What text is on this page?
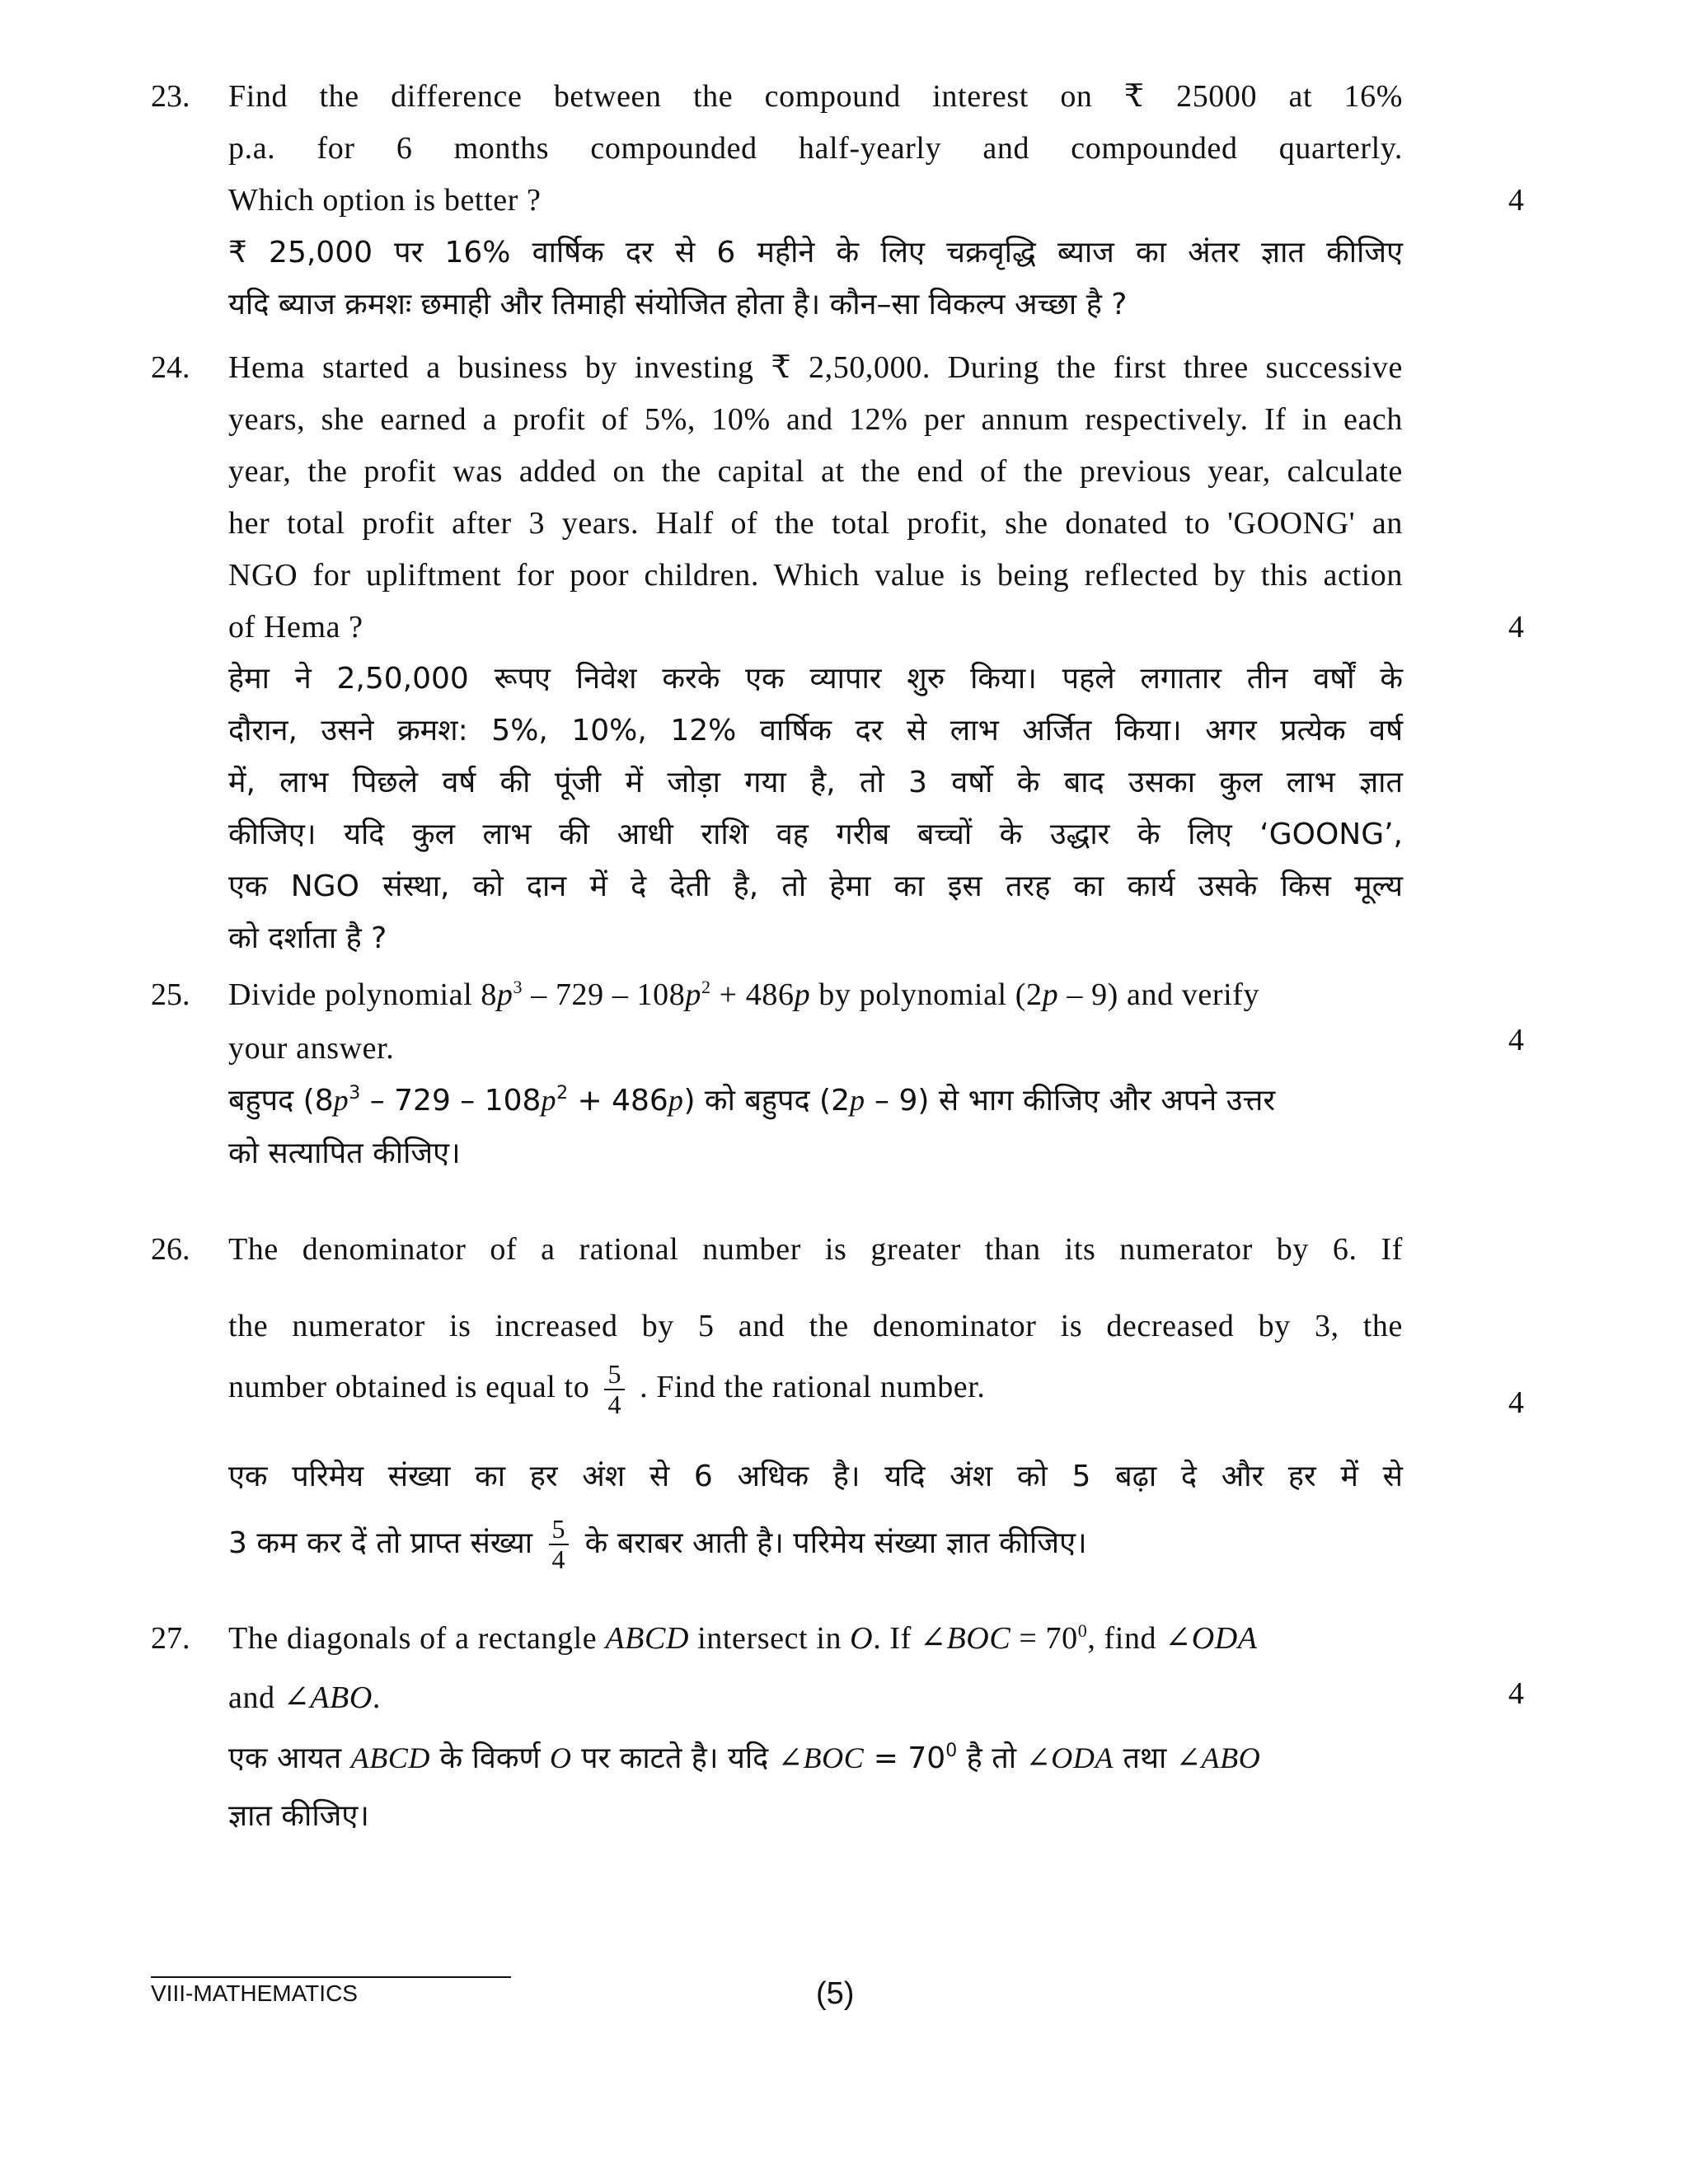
23. Find the difference between the compound interest on ₹ 25000 at 16%
p.a. for 6 months compounded half-yearly and compounded quarterly.
Which option is better ?	4
₹ 25,000 पर 16% वार्षिक दर से 6 महीने के लिए चक्रवृद्धि ब्याज का अंतर ज्ञात कीजिए
यदि ब्याज क्रमशः छमाही और तिमाही संयोजित होता है। कौन–सा विकल्प अच्छा है ?
24. Hema started a business by investing ₹ 2,50,000. During the first three successive
years, she earned a profit of 5%, 10% and 12% per annum respectively. If in each
year, the profit was added on the capital at the end of the previous year, calculate
her total profit after 3 years. Half of the total profit, she donated to 'GOONG' an
NGO for upliftment for poor children. Which value is being reflected by this action
of Hema ?	4
हेमा ने 2,50,000 रूपए निवेश करके एक व्यापार शुरु किया। पहले लगातार तीन वर्षों के
दौरान, उसने क्रमश: 5%, 10%, 12% वार्षिक दर से लाभ अर्जित किया। अगर प्रत्येक वर्ष
में, लाभ पिछले वर्ष की पूंजी में जोड़ा गया है, तो 3 वर्षो के बाद उसका कुल लाभ ज्ञात
कीजिए। यदि कुल लाभ की आधी राशि वह गरीब बच्चों के उद्धार के लिए ‘GOONG’,
एक NGO संस्था, को दान में दे देती है, तो हेमा का इस तरह का कार्य उसके किस मूल्य
को दर्शाता है ?
25. Divide polynomial $8p^3 - 729 - 108p^2 + 486p$ by polynomial (2p – 9) and verify
your answer.	4
बहुपद $(8p^3 - 729 - 108p^2 + 486p)$ को बहुपद (2p – 9) से भाग कीजिए और अपने उत्तर
को सत्यापित कीजिए।
26. The denominator of a rational number is greater than its numerator by 6. If
the numerator is increased by 5 and the denominator is decreased by 3, the
number obtained is equal to $\frac{5}{4}$ . Find the rational number.	4
एक परिमेय संख्या का हर अंश से 6 अधिक है। यदि अंश को 5 बढ़ा दे और हर में से
3 कम कर दें तो प्राप्त संख्या $\frac{5}{4}$ के बराबर आती है। परिमेय संख्या ज्ञात कीजिए।
27. The diagonals of a rectangle ABCD intersect in O. If ∠BOC = $70^0$, find ∠ODA
and ∠ABO.	4
एक आयत ABCD के विकर्ण O पर काटते है। यदि ∠BOC = $70^0$ है तो ∠ODA तथा ∠ABO
ज्ञात कीजिए।
VIII-MATHEMATICS	(5)
